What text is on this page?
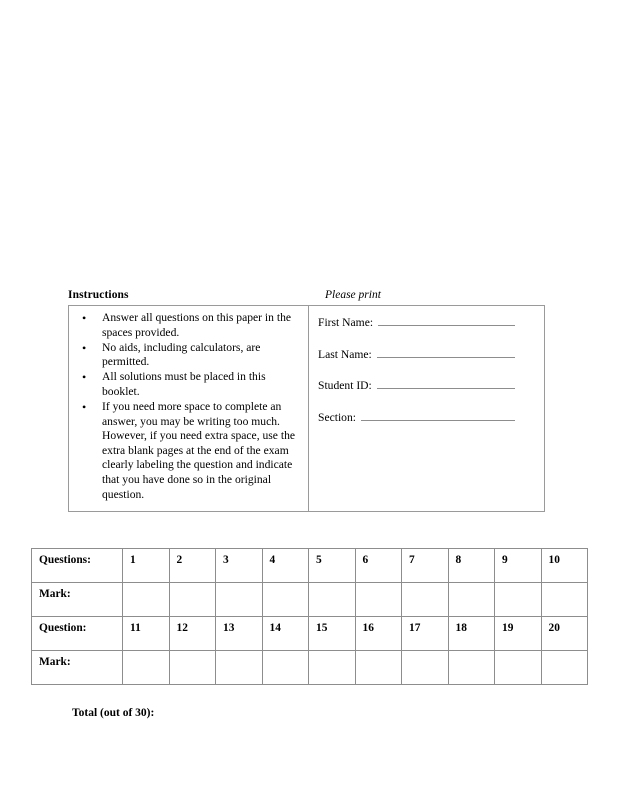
Instructions	Please print
• Answer all questions on this paper in the spaces provided.
• No aids, including calculators, are permitted.
• All solutions must be placed in this booklet.
• If you need more space to complete an answer, you may be writing too much. However, if you need extra space, use the extra blank pages at the end of the exam clearly labeling the question and indicate that you have done so in the original question.
First Name:
Last Name:
Student ID:
Section:
Questions:	1	2	3	4	5	6	7	8	9	10
Mark:										
Question:	11	12	13	14	15	16	17	18	19	20
Mark:										
Total (out of 30):
